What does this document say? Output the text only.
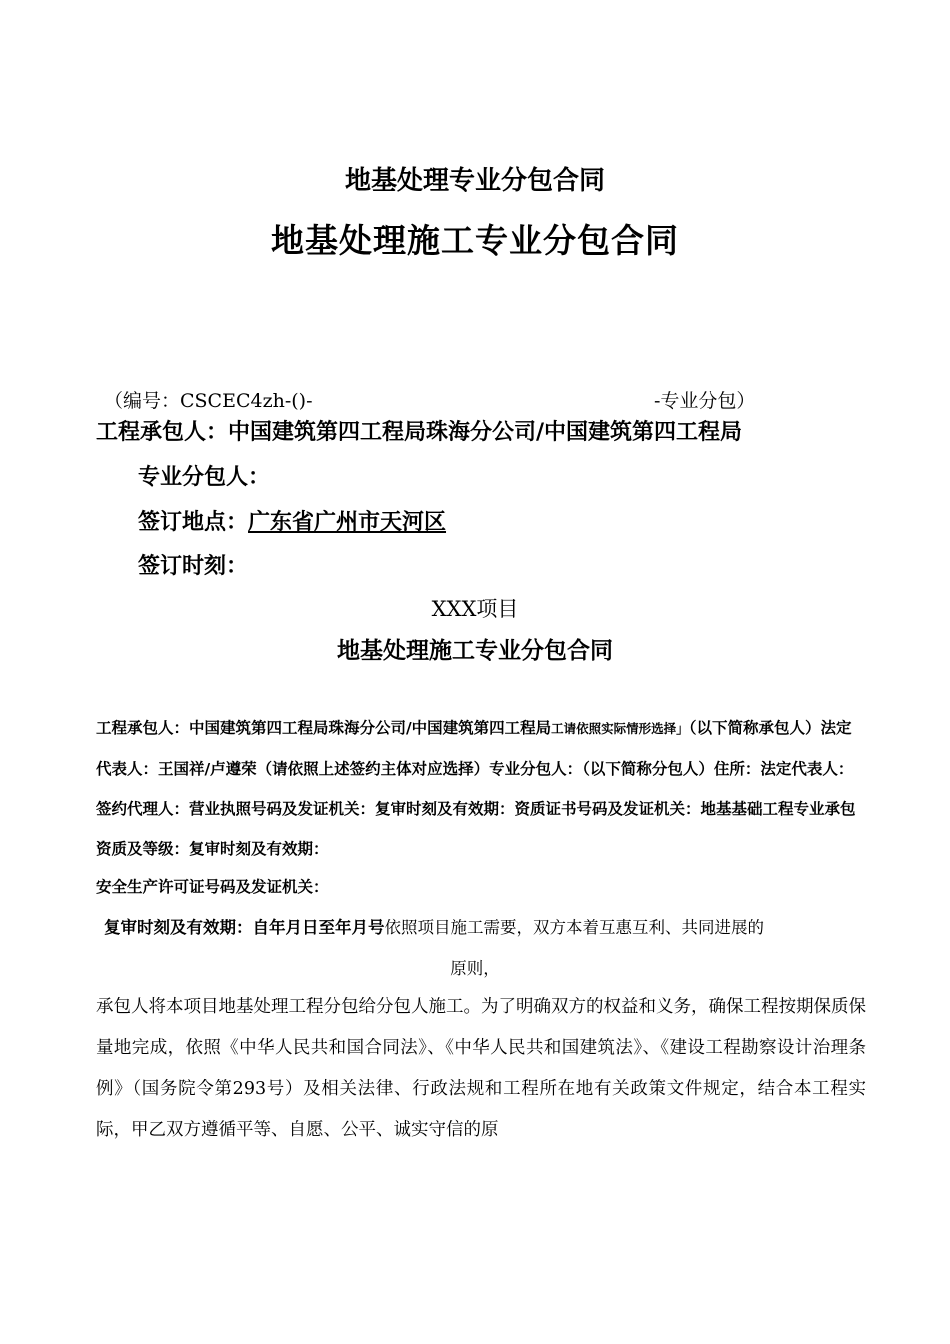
地基处理专业分包合同
地基处理施工专业分包合同
（编号：CSCEC4zh-()-	-专业分包）
工程承包人：中国建筑第四工程局珠海分公司/中国建筑第四工程局
专业分包人：
签订地点：广东省广州市天河区
签订时刻：
XXX项目
地基处理施工专业分包合同
工程承包人：中国建筑第四工程局珠海分公司/中国建筑第四工程局工请依照实际情形选择」（以下简称承包人）法定代表人：王国祥/卢遵荣（请依照上述签约主体对应选择）专业分包人：（以下简称分包人）住所：法定代表人：签约代理人：营业执照号码及发证机关：复审时刻及有效期：资质证书号码及发证机关：地基基础工程专业承包资质及等级：复审时刻及有效期：
安全生产许可证号码及发证机关：
复审时刻及有效期：自年月日至年月号依照项目施工需要，双方本着互惠互利、共同进展的
原则，
承包人将本项目地基处理工程分包给分包人施工。为了明确双方的权益和义务，确保工程按期保质保量地完成，依照《中华人民共和国合同法》、《中华人民共和国建筑法》、《建设工程勘察设计治理条例》（国务院令第293号）及相关法律、行政法规和工程所在地有关政策文件规定，结合本工程实际，甲乙双方遵循平等、自愿、公平、诚实守信的原
